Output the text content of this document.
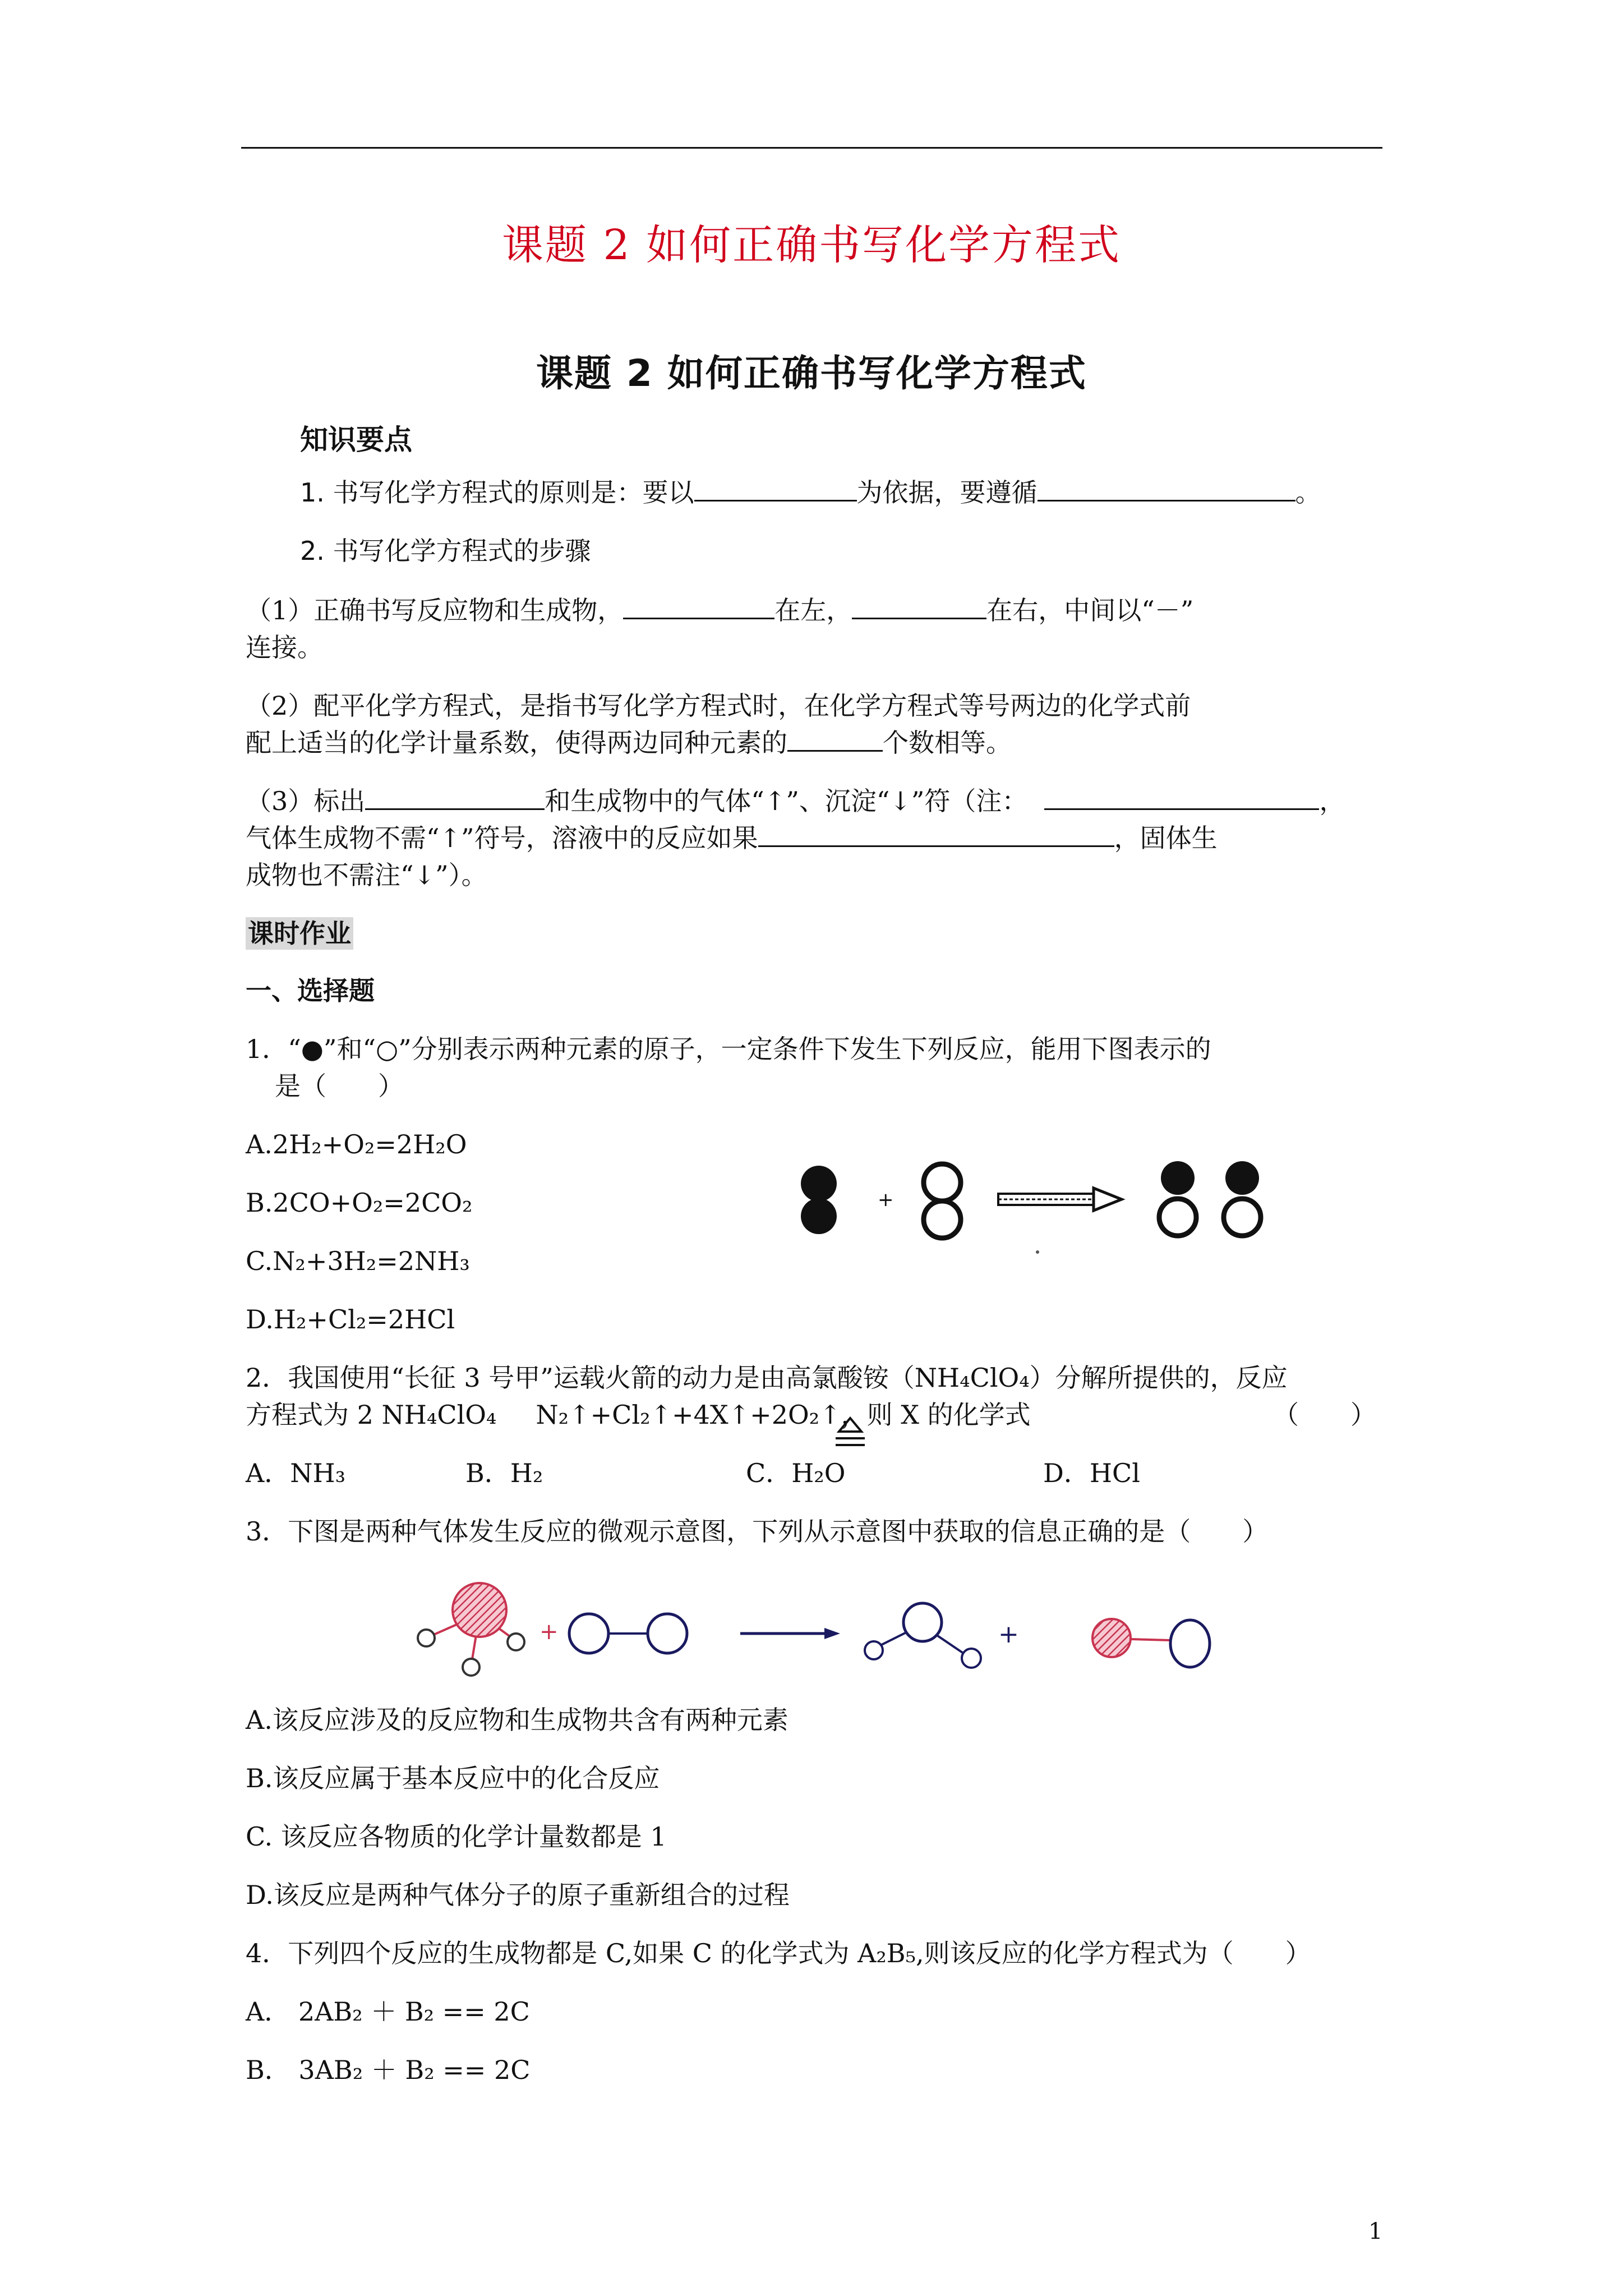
课题 2 如何正确书写化学方程式
课题 2 如何正确书写化学方程式
知识要点
1. 书写化学方程式的原则是：要以	为依据，要遵循	。
2. 书写化学方程式的步骤
（1）正确书写反应物和生成物，	在左，	在右，中间以“－”
连接。
（2）配平化学方程式，是指书写化学方程式时，在化学方程式等号两边的化学式前
配上适当的化学计量系数，使得两边同种元素的	个数相等。
（3）标出	和生成物中的气体“↑”、沉淀“↓”符（注：	，
气体生成物不需“↑”符号，溶液中的反应如果	，固体生
成物也不需注“↓”）。
课时作业
一、选择题
1．“●”和“○”分别表示两种元素的原子，一定条件下发生下列反应，能用下图表示的
是（　　）
A.2H₂+O₂=2H₂O
B.2CO+O₂=2CO₂
C.N₂+3H₂=2NH₃
D.H₂+Cl₂=2HCl
+
2．我国使用“长征 3 号甲”运载火箭的动力是由高氯酸铵（NH₄ClO₄）分解所提供的，反应
方程式为 2 NH₄ClO₄ N₂↑+Cl₂↑+4X↑+2O₂↑，则 X 的化学式	（　　）
A．NH₃	B．H₂	C．H₂O	D．HCl
3．下图是两种气体发生反应的微观示意图，下列从示意图中获取的信息正确的是（　　）
+	+
A.该反应涉及的反应物和生成物共含有两种元素
B.该反应属于基本反应中的化合反应
C. 该反应各物质的化学计量数都是 1
D.该反应是两种气体分子的原子重新组合的过程
4．下列四个反应的生成物都是 C,如果 C 的化学式为 A₂B₅,则该反应的化学方程式为（　　）
A． 2AB₂ ＋ B₂ == 2C
B． 3AB₂ ＋ B₂ == 2C
1
